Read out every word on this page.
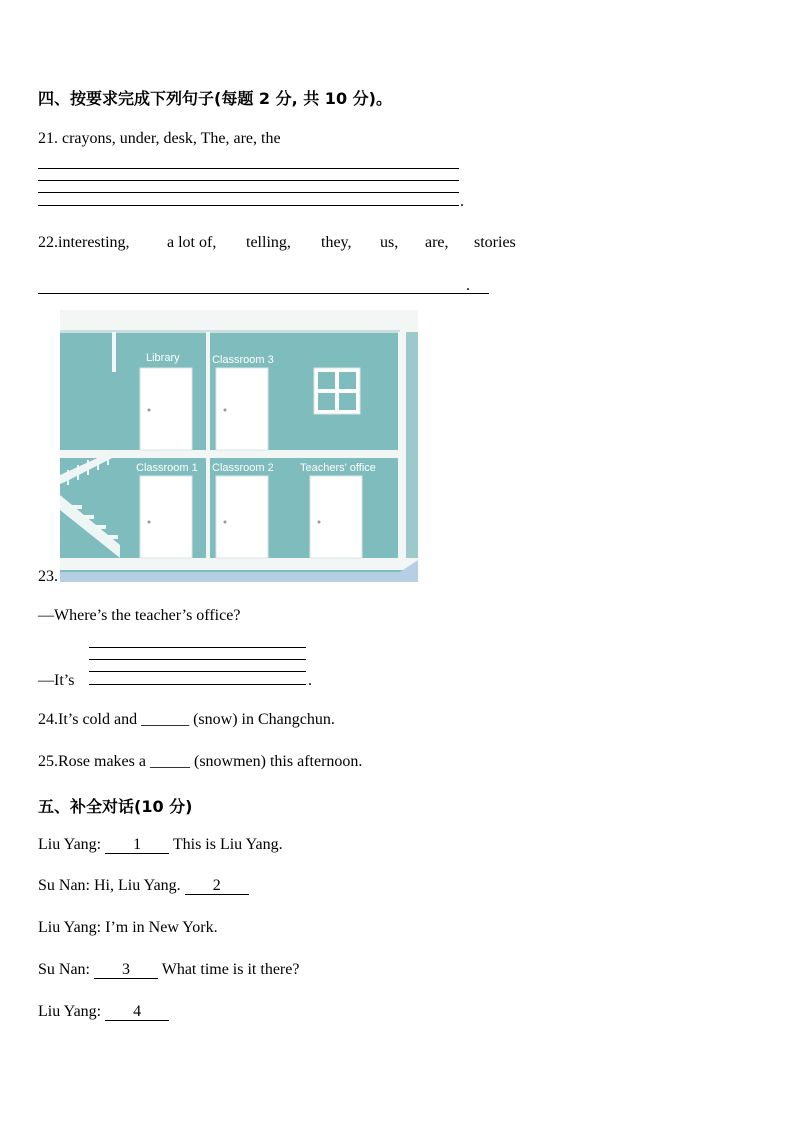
四、按要求完成下列句子(每题 2 分, 共 10 分)。
21. crayons, under, desk, The, are, the
.
22.interesting, a lot of, telling, they, us, are, stories
.
23.
Library	Classroom 3
Classroom 1 Classroom 2 Teachers' office
—Where’s the teacher’s office?
—It’s	.
24.It’s cold and ______ (snow) in Changchun.
25.Rose makes a _____ (snowmen) this afternoon.
五、补全对话(10 分)
Liu Yang: 1 This is Liu Yang.
Su Nan: Hi, Liu Yang. 2
Liu Yang: I’m in New York.
Su Nan: 3 What time is it there?
Liu Yang: 4
